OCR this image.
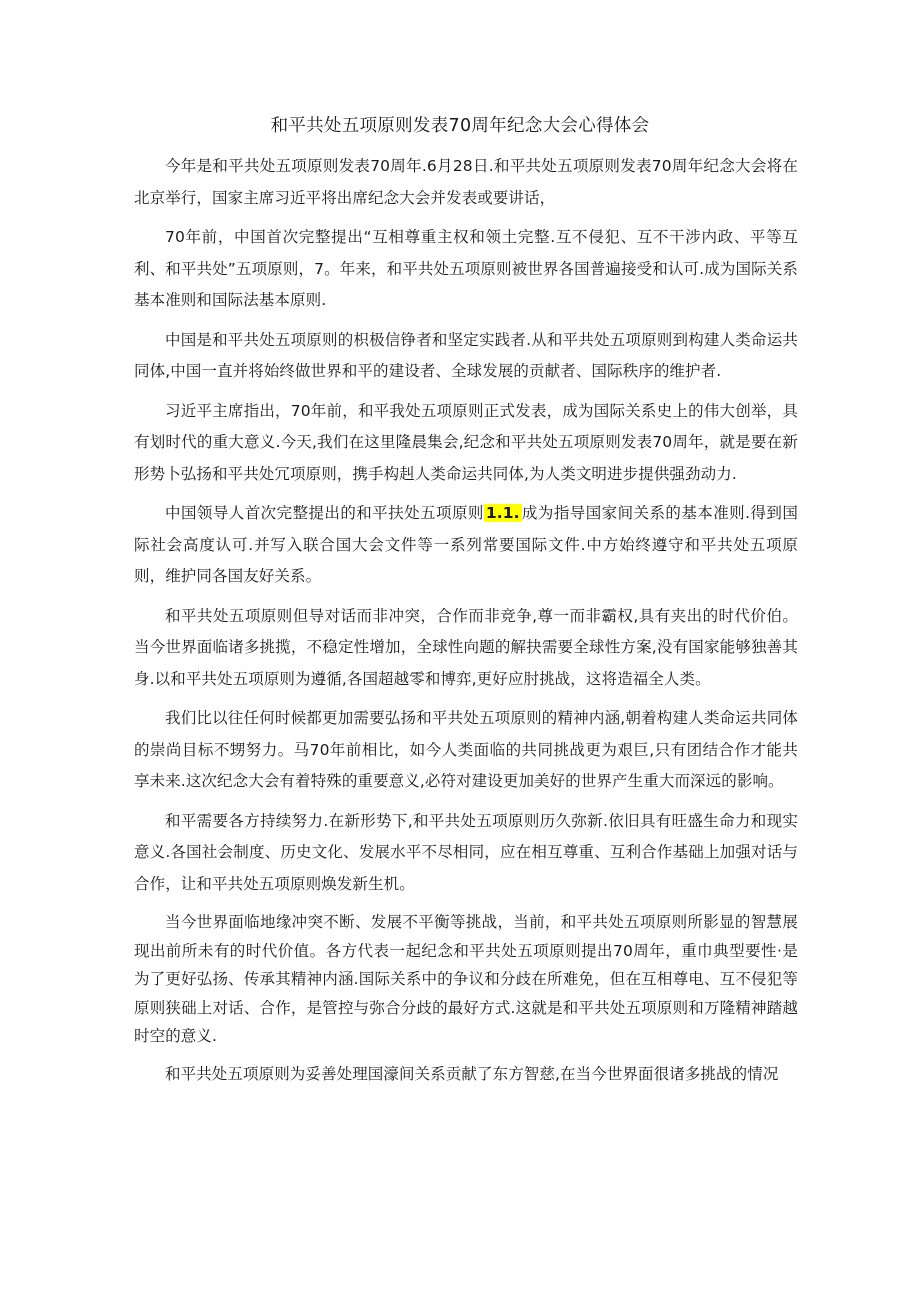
和平共处五项原则发表70周年纪念大会心得体会

今年是和平共处五项原则发表70周年.6月28日.和平共处五项原则发表70周年纪念大会将在北京举行，国家主席习近平将出席纪念大会并发表或要讲话，

70年前，中国首次完整提出“互相尊重主权和领土完整.互不侵犯、互不干涉内政、平等互利、和平共处”五项原则，7。年来，和平共处五项原则被世界各国普遍接受和认可.成为国际关系基本准则和国际法基本原则.

中国是和平共处五项原则的枳极信铮者和坚定实践者.从和平共处五项原则到构建人类命运共同体,中国一直并将始终做世界和平的建设者、全球发展的贡献者、国际秩序的维护者.

习近平主席指出，70年前，和平我处五项原则正式发表，成为国际关系史上的伟大创举，具有划时代的重大意义.今天,我们在这里隆晨集会,纪念和平共处五项原则发表70周年，就是要在新形势卜弘扬和平共处冗项原则，携手构赳人类命运共同体,为人类文明进步提供强劲动力.

中国领导人首次完整提出的和平扶处五项原则 1.1. 成为指导国家间关系的基本准则.得到国际社会高度认可.并写入联合国大会文件等一系列常要国际文件.中方始终遵守和平共处五项原则，维护同各国友好关系。

和平共处五项原则但导对话而非冲突，合作而非竞争,尊一而非霸权,具有夹出的时代价伯。当今世界面临诸多挑揽，不稳定性增加，全球性向题的解抉需要全球性方案,没有国家能够独善其身.以和平共处五项原则为遵循,各国超越零和博弈,更好应肘挑战，这将造福全人类。

我们比以往任何时候都更加需要弘扬和平共处五项原则的精神内涵,朝着构建人类命运共同体的崇尚目标不甥努力。马70年前相比，如今人类面临的共同挑战更为艰巨,只有团结合作才能共享未来.这次纪念大会有着特殊的重要意义,必符对建设更加美好的世界产生重大而深远的影响。

和平需要各方持续努力.在新形势下,和平共处五项原则历久弥新.依旧具有旺盛生命力和现实意义.各国社会制度、历史文化、发展水平不尽相同，应在相互尊重、互利合作基础上加强对话与合作，让和平共处五项原则焕发新生机。

当今世界面临地缘冲突不断、发展不平衡等挑战，当前，和平共处五项原则所影显的智慧展现出前所未有的时代价值。各方代表一起纪念和平共处五项原则提出70周年，重巾典型要性·是为了更好弘扬、传承其精神内涵.国际关系中的争议和分歧在所难免，但在互相尊电、互不侵犯等原则狭础上对话、合作，是管控与弥合分歧的最好方式.这就是和平共处五项原则和万隆精神踏越时空的意义.

和平共处五项原则为妥善处理国濠间关系贡献了东方智慈,在当今世界面很诸多挑战的情况
